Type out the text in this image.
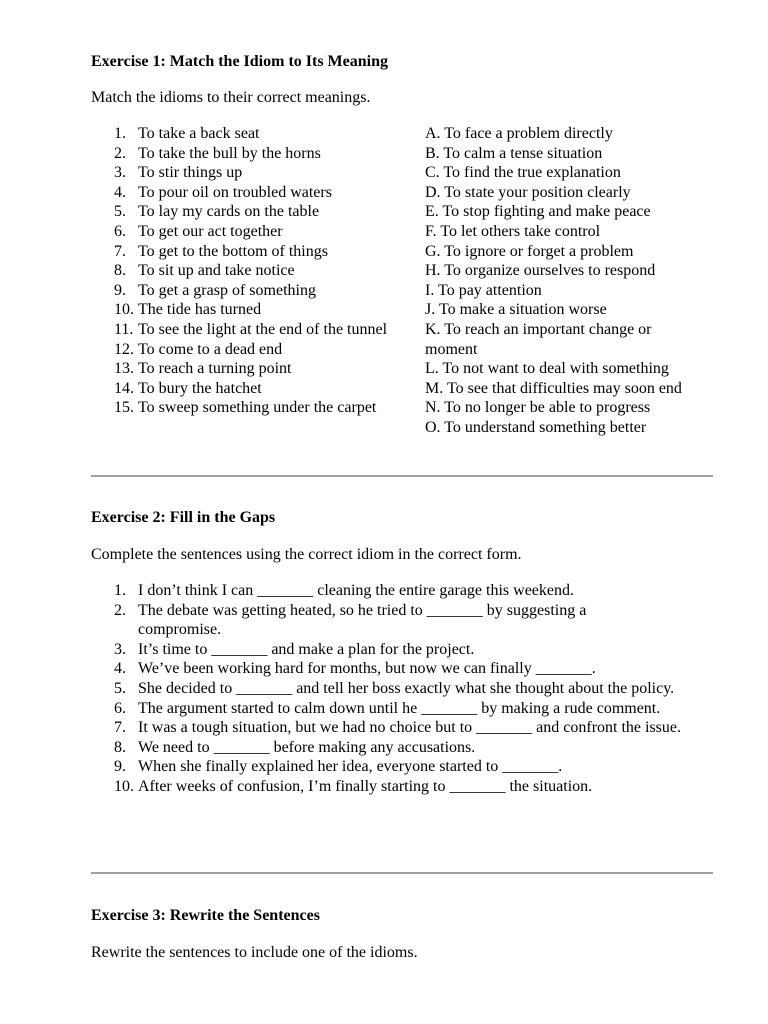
Exercise 1: Match the Idiom to Its Meaning
Match the idioms to their correct meanings.
1. To take a back seat
2. To take the bull by the horns
3. To stir things up
4. To pour oil on troubled waters
5. To lay my cards on the table
6. To get our act together
7. To get to the bottom of things
8. To sit up and take notice
9. To get a grasp of something
10. The tide has turned
11. To see the light at the end of the tunnel
12. To come to a dead end
13. To reach a turning point
14. To bury the hatchet
15. To sweep something under the carpet
A. To face a problem directly
B. To calm a tense situation
C. To find the true explanation
D. To state your position clearly
E. To stop fighting and make peace
F. To let others take control
G. To ignore or forget a problem
H. To organize ourselves to respond
I. To pay attention
J. To make a situation worse
K. To reach an important change or moment
L. To not want to deal with something
M. To see that difficulties may soon end
N. To no longer be able to progress
O. To understand something better
Exercise 2: Fill in the Gaps
Complete the sentences using the correct idiom in the correct form.
1. I don’t think I can _______ cleaning the entire garage this weekend.
2. The debate was getting heated, so he tried to _______ by suggesting a compromise.
3. It’s time to _______ and make a plan for the project.
4. We’ve been working hard for months, but now we can finally _______.
5. She decided to _______ and tell her boss exactly what she thought about the policy.
6. The argument started to calm down until he _______ by making a rude comment.
7. It was a tough situation, but we had no choice but to _______ and confront the issue.
8. We need to _______ before making any accusations.
9. When she finally explained her idea, everyone started to _______.
10. After weeks of confusion, I’m finally starting to _______ the situation.
Exercise 3: Rewrite the Sentences
Rewrite the sentences to include one of the idioms.
